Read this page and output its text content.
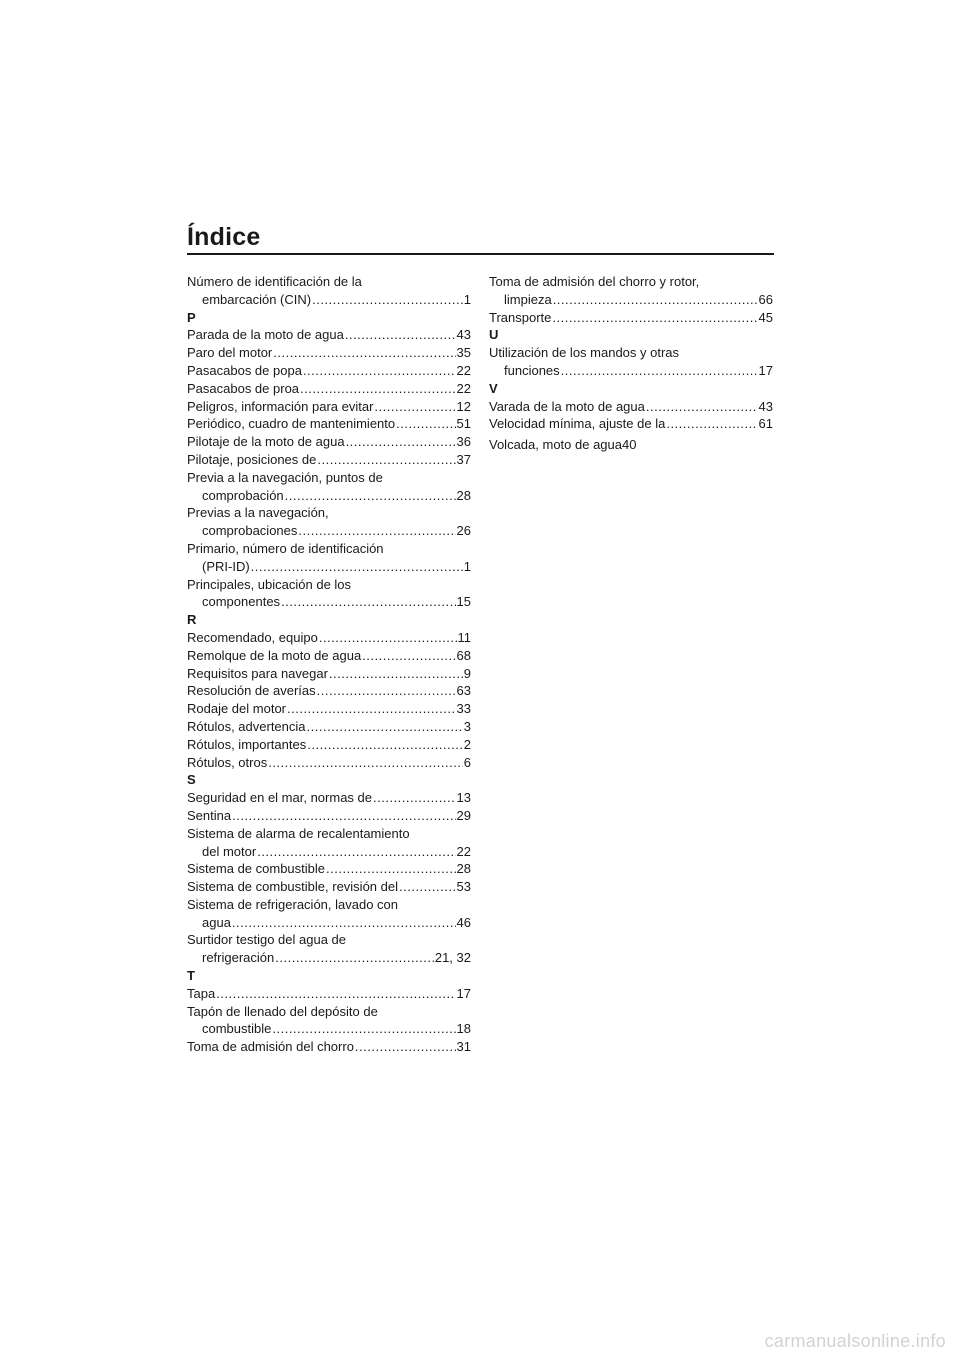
Índice
Número de identificación de la
embarcación (CIN) .....	1
P
Parada de la moto de agua .....	43
Paro del motor .....	35
Pasacabos de popa .....	22
Pasacabos de proa .....	22
Peligros, información para evitar .....	12
Periódico, cuadro de mantenimiento .....	51
Pilotaje de la moto de agua .....	36
Pilotaje, posiciones de .....	37
Previa a la navegación, puntos de
comprobación .....	28
Previas a la navegación,
comprobaciones .....	26
Primario, número de identificación
(PRI-ID) .....	1
Principales, ubicación de los
componentes .....	15
R
Recomendado, equipo .....	11
Remolque de la moto de agua .....	68
Requisitos para navegar .....	9
Resolución de averías .....	63
Rodaje del motor .....	33
Rótulos, advertencia .....	3
Rótulos, importantes .....	2
Rótulos, otros .....	6
S
Seguridad en el mar, normas de .....	13
Sentina .....	29
Sistema de alarma de recalentamiento
del motor .....	22
Sistema de combustible .....	28
Sistema de combustible, revisión del .....	53
Sistema de refrigeración, lavado con
agua .....	46
Surtidor testigo del agua de
refrigeración .....	21, 32
T
Tapa .....	17
Tapón de llenado del depósito de
combustible .....	18
Toma de admisión del chorro .....	31
Toma de admisión del chorro y rotor,
limpieza .....	66
Transporte .....	45
U
Utilización de los mandos y otras
funciones .....	17
V
Varada de la moto de agua .....	43
Velocidad mínima, ajuste de la .....	61
Volcada, moto de agua40
carmanualsonline.info
